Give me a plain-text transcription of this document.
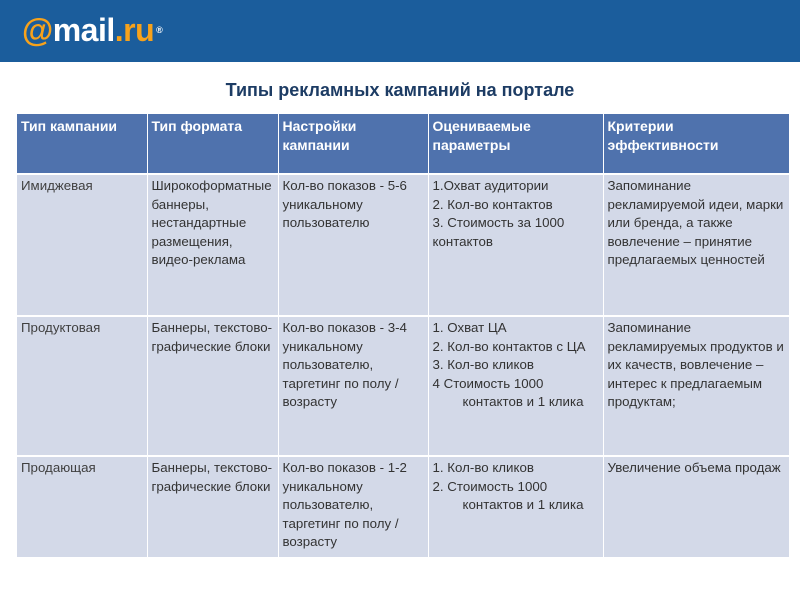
@mail.ru ®
Типы рекламных кампаний на портале
Тип кампании	Тип формата	Настройки кампании	Оцениваемые параметры	Критерии эффективности
Имиджевая	Широкоформатные баннеры, нестандартные размещения, видео-реклама	Кол-во показов - 5-6 уникальному пользователю	1.Охват аудитории
2. Кол-во контактов
3. Стоимость за 1000 контактов	Запоминание рекламируемой идеи, марки или бренда, а также вовлечение – принятие предлагаемых ценностей
Продуктовая	Баннеры, текстово-графические блоки	Кол-во показов - 3-4 уникальному пользователю, таргетинг по полу / возрасту	1. Охват ЦА
2. Кол-во контактов с ЦА
3. Кол-во кликов
4 Стоимость 1000
контактов и 1 клика	Запоминание рекламируемых продуктов и их качеств, вовлечение – интерес к предлагаемым продуктам;
Продающая	Баннеры, текстово-графические блоки	Кол-во показов - 1-2 уникальному пользователю, таргетинг по полу / возрасту	1. Кол-во кликов
2. Стоимость 1000
контактов и 1 клика	Увеличение объема продаж
